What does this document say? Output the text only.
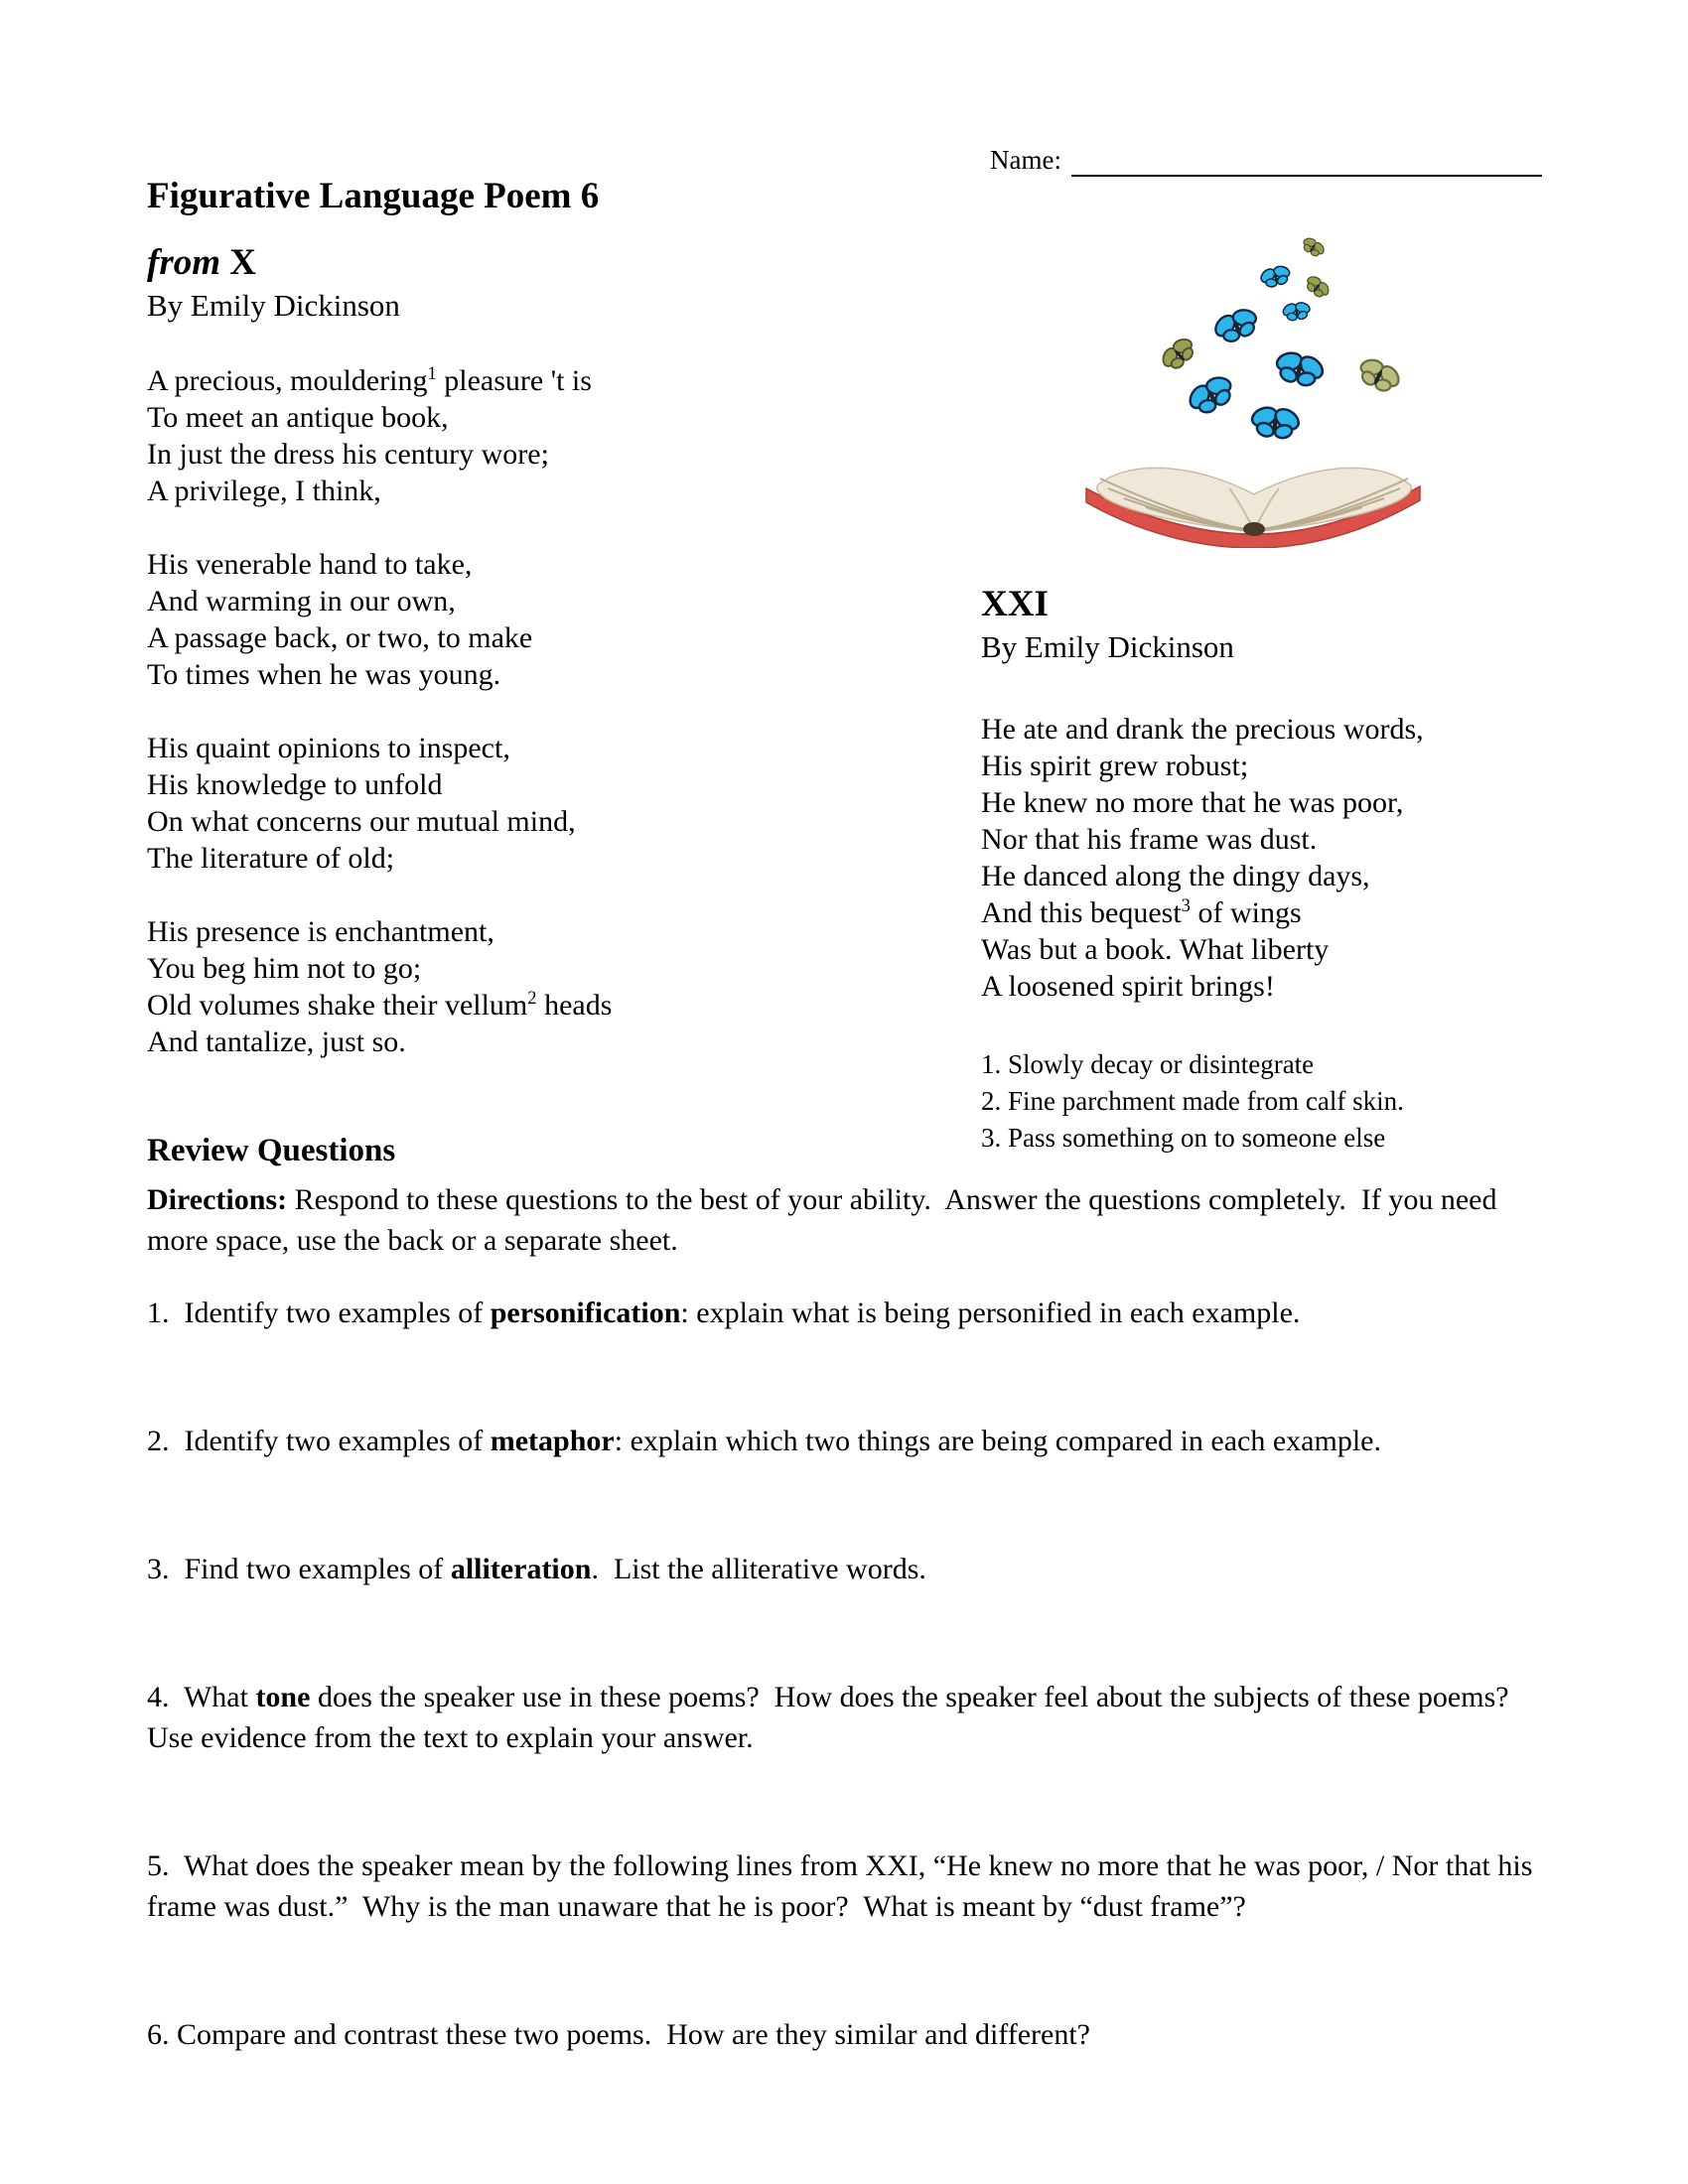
Name:
Figurative Language Poem 6
from X
By Emily Dickinson
A precious, mouldering$^1$ pleasure 't is
To meet an antique book,
In just the dress his century wore;
A privilege, I think,
His venerable hand to take,
And warming in our own,
A passage back, or two, to make
To times when he was young.
His quaint opinions to inspect,
His knowledge to unfold
On what concerns our mutual mind,
The literature of old;
His presence is enchantment,
You beg him not to go;
Old volumes shake their vellum$^2$ heads
And tantalize, just so.
XXI
By Emily Dickinson
He ate and drank the precious words,
His spirit grew robust;
He knew no more that he was poor,
Nor that his frame was dust.
He danced along the dingy days,
And this bequest$^3$ of wings
Was but a book. What liberty
A loosened spirit brings!
1. Slowly decay or disintegrate
2. Fine parchment made from calf skin.
3. Pass something on to someone else
Review Questions

Directions: Respond to these questions to the best of your ability.  Answer the questions completely.  If you need more space, use the back or a separate sheet.

1.  Identify two examples of personification: explain what is being personified in each example.
2.  Identify two examples of metaphor: explain which two things are being compared in each example.
3.  Find two examples of alliteration.  List the alliterative words.
4.  What tone does the speaker use in these poems?  How does the speaker feel about the subjects of these poems?  Use evidence from the text to explain your answer.
5.  What does the speaker mean by the following lines from XXI, “He knew no more that he was poor, / Nor that his frame was dust.”  Why is the man unaware that he is poor?  What is meant by “dust frame”?
6. Compare and contrast these two poems.  How are they similar and different?
